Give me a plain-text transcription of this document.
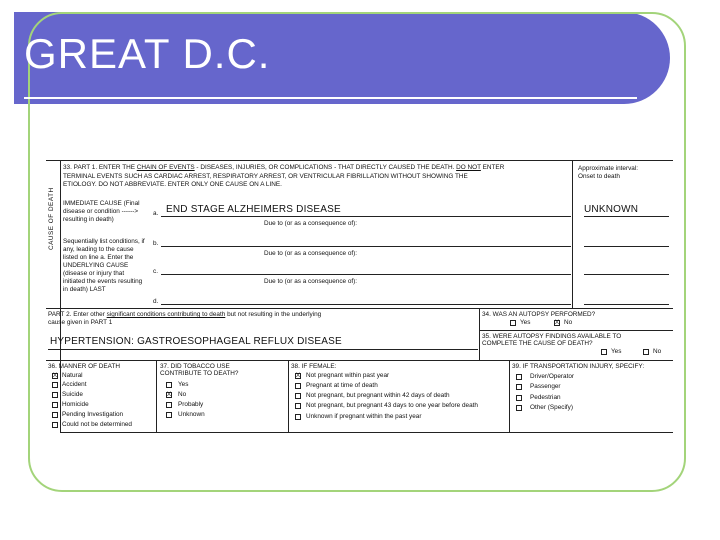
GREAT D.C.
CAUSE OF DEATH
33. PART 1. ENTER THE CHAIN OF EVENTS - DISEASES, INJURIES, OR COMPLICATIONS - THAT DIRECTLY CAUSED THE DEATH. DO NOT ENTER
TERMINAL EVENTS SUCH AS CARDIAC ARREST, RESPIRATORY ARREST, OR VENTRICULAR FIBRILLATION WITHOUT SHOWING THE
ETIOLOGY. DO NOT ABBREVIATE. ENTER ONLY ONE CAUSE ON A LINE.
Approximate interval:
Onset to death
IMMEDIATE CAUSE (Final
disease or condition ------>
resulting in death)
a. END STAGE ALZHEIMERS DISEASE	UNKNOWN
Due to (or as a consequence of):
Sequentially list conditions, if
any, leading to the cause
listed on line a. Enter the
UNDERLYING CAUSE
(disease or injury that
initiated the events resulting
in death) LAST
b.
Due to (or as a consequence of):
c.
Due to (or as a consequence of):
d.
PART 2. Enter other significant conditions contributing to death but not resulting in the underlying
cause given in PART 1
HYPERTENSION: GASTROESOPHAGEAL REFLUX DISEASE
34. WAS AN AUTOPSY PERFORMED?
Yes	X No
35. WERE AUTOPSY FINDINGS AVAILABLE TO
COMPLETE THE CAUSE OF DEATH?
Yes	No
36. MANNER OF DEATH
X Natural
Accident
Suicide
Homicide
Pending Investigation
Could not be determined
37. DID TOBACCO USE
CONTRIBUTE TO DEATH?
Yes
X No
Probably
Unknown
38. IF FEMALE:
X Not pregnant within past year
Pregnant at time of death
Not pregnant, but pregnant within 42 days of death
Not pregnant, but pregnant 43 days to one year before death
Unknown if pregnant within the past year
39. IF TRANSPORTATION INJURY, SPECIFY:
Driver/Operator
Passenger
Pedestrian
Other (Specify)
